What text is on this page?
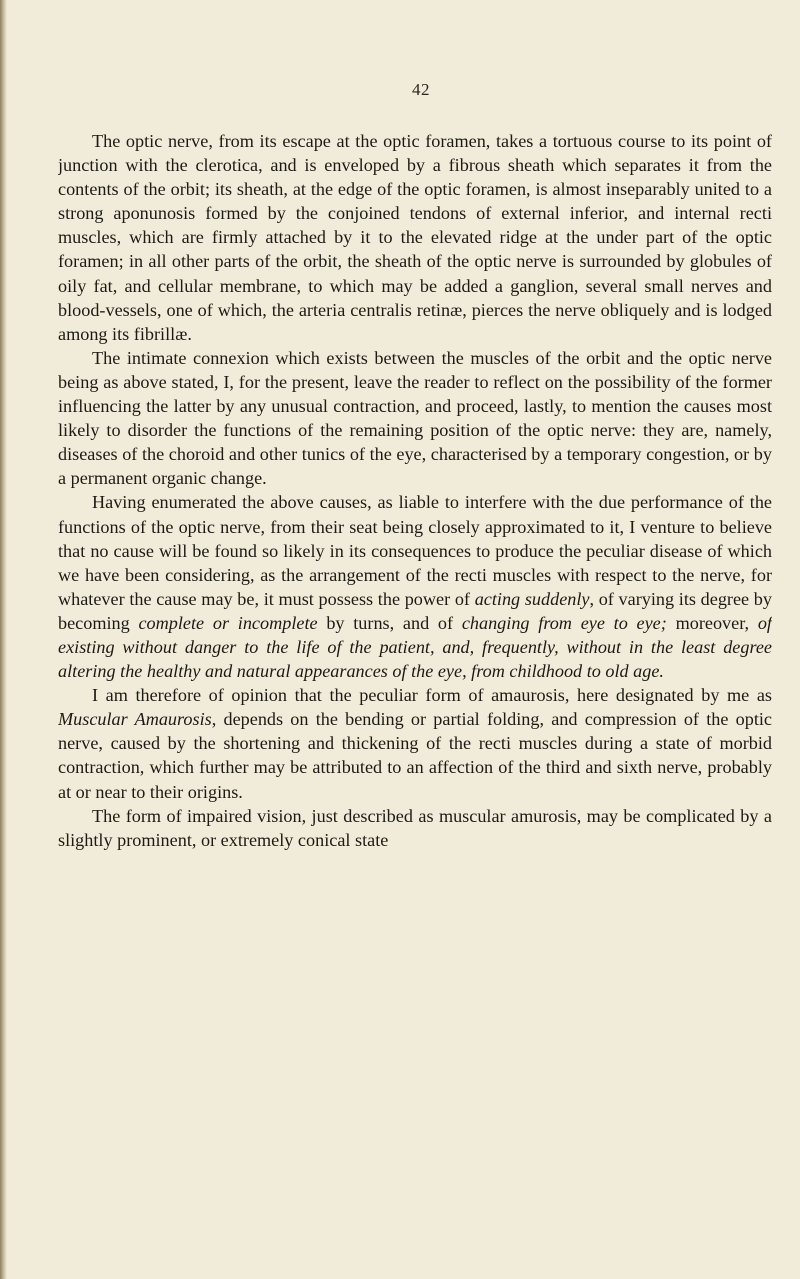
42

The optic nerve, from its escape at the optic foramen, takes a tortuous course to its point of junction with the clerotica, and is enveloped by a fibrous sheath which separates it from the contents of the orbit; its sheath, at the edge of the optic foramen, is almost inseparably united to a strong aponunosis formed by the conjoined tendons of external inferior, and internal recti muscles, which are firmly attached by it to the elevated ridge at the under part of the optic foramen; in all other parts of the orbit, the sheath of the optic nerve is surrounded by globules of oily fat, and cellular membrane, to which may be added a ganglion, several small nerves and blood-vessels, one of which, the arteria centralis retinæ, pierces the nerve obliquely and is lodged among its fibrillæ.

The intimate connexion which exists between the muscles of the orbit and the optic nerve being as above stated, I, for the present, leave the reader to reflect on the possibility of the former influencing the latter by any unusual contraction, and proceed, lastly, to mention the causes most likely to disorder the functions of the remaining position of the optic nerve: they are, namely, diseases of the choroid and other tunics of the eye, characterised by a temporary congestion, or by a permanent organic change.

Having enumerated the above causes, as liable to interfere with the due performance of the functions of the optic nerve, from their seat being closely approximated to it, I venture to believe that no cause will be found so likely in its consequences to produce the peculiar disease of which we have been considering, as the arrangement of the recti muscles with respect to the nerve, for whatever the cause may be, it must possess the power of acting suddenly, of varying its degree by becoming complete or incomplete by turns, and of changing from eye to eye; moreover, of existing without danger to the life of the patient, and, frequently, without in the least degree altering the healthy and natural appearances of the eye, from childhood to old age.

I am therefore of opinion that the peculiar form of amaurosis, here designated by me as Muscular Amaurosis, depends on the bending or partial folding, and compression of the optic nerve, caused by the shortening and thickening of the recti muscles during a state of morbid contraction, which further may be attributed to an affection of the third and sixth nerve, probably at or near to their origins.

The form of impaired vision, just described as muscular amurosis, may be complicated by a slightly prominent, or extremely conical state
